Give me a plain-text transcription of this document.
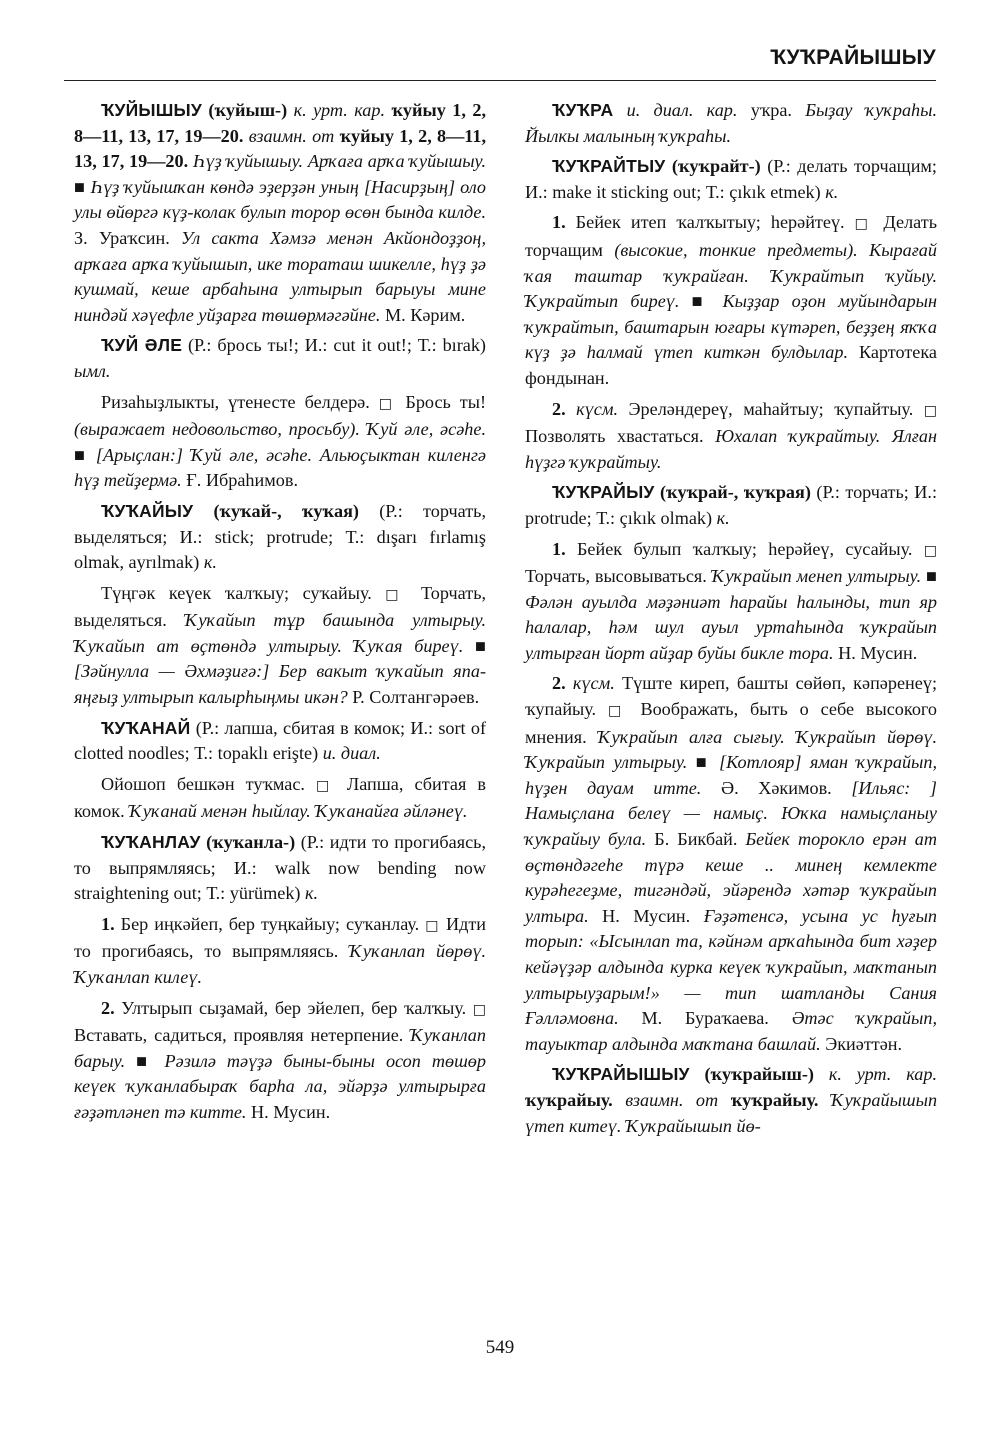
ҠУҠРАЙЫШЫУ

ҠУЙЫШЫУ (ҡуйыш-) к. урт. кар. ҡуйыу 1, 2, 8—11, 13, 17, 19—20. взаимн. от ҡуйыу 1, 2, 8—11, 13, 17, 19—20. Һүҙ ҡуйышыу. Арҡаға арҡа ҡуйышыу. ■ Һүҙ ҡуйышҡан көндә эҙерҙән уның [Насирҙың] оло улы өйөргә күҙ-колак булып торор өсөн бында килде. З. Ураҡсин. Ул сакта Хәмзә менән Акйондоҙҙоң, арҡаға арҡа ҡуйышып, ике тораташ шикелле, һүҙ ҙә кушмай, кеше арбаһына ултырып барыуы мине ниндәй хәүефле уйҙарға төшөрмәгәйне. М. Кәрим.

ҠУЙ ӘЛЕ (Р.: брось ты!; И.: cut it out!; Т.: bırak) ымл.

Ризаһыҙлыкты, үтенесте белдерә. □ Брось ты! (выражает недовольство, просьбу). Ҡуй әле, әсәһе. ■ [Арыҫлан:] Ҡуй әле, әсәһе. Альюҫыктан киленгә һүҙ тейҙермә. Ғ. Ибраһимов.

ҠУҠАЙЫУ (ҡуҡай-, ҡуҡая) (Р.: торчать, выделяться; И.: stick; protrude; Т.: dışarı fırlamış olmak, ayrılmak) к.

Түңгәк кеүек ҡалҡыу; суҡайыу. □ Торчать, выделяться. Ҡуҡайып тұр башында ултырыу. Ҡуҡайып ат өҫтөндә ултырыу. Ҡуҡая биреү. ■ [Зәйнулла — Әхмәҙиғә:] Бер вакыт ҡуҡайып япа-яңғыҙ ултырып калырһыңмы икән? Р. Солтангәрәев.

ҠУҠАНАЙ (Р.: лапша, сбитая в комок; И.: sort of clotted noodles; Т.: topaklı erişte) и. диал.

Ойошоп бешкән туҡмас. □ Лапша, сбитая в комок. Ҡуҡанай менән һыйлау. Ҡуҡанайға әйләнеү.

ҠУҠАНЛАУ (ҡуҡанла-) (Р.: идти то прогибаясь, то выпрямляясь; И.: walk now bending now straightening out; Т.: yürümek) к.

1. Бер иңкәйеп, бер туңкайыу; суҡанлау. □ Идти то прогибаясь, то выпрямляясь. Ҡуҡанлап йөрөү. Ҡуҡанлап килеү.

2. Ултырып сыҙамай, бер эйелеп, бер ҡалҡыу. □ Вставать, садиться, проявляя нетерпение. Ҡуҡанлап барыу. ■ Рәзилә тәүҙә быны-быны осоп төшөр кеүек ҡуҡанлабыраҡ барһа ла, эйәрҙә ултырырға ғәҙәтләнеп тә китте. Н. Мусин.

ҠУҠРА и. диал. кар. уҡра. Быҙау ҡуҡраһы. Йылкы малының ҡуҡраһы.

ҠУҠРАЙТЫУ (ҡуҡрайт-) (Р.: делать торчащим; И.: make it sticking out; Т.: çıkık etmek) к.

1. Бейек итеп ҡалҡытыу; һерәйтеү. □ Делать торчащим (высокие, тонкие предметы). Кырағай ҡая таштар ҡуҡрайған. Ҡуҡрайтып ҡуйыу. Ҡуҡрайтып биреү. ■ Кыҙҙар оҙон муйындарын ҡуҡрайтып, баштарын юғары күтәреп, беҙҙең яҡҡа күҙ ҙә һалмай үтеп киткән булдылар. Картотека фондынан.

2. күсм. Эреләндереү, маһайтыу; ҡупайтыу. □ Позволять хвастаться. Юхалап ҡуҡрайтыу. Ялған һүҙгә ҡуҡрайтыу.

ҠУҠРАЙЫУ (ҡуҡрай-, ҡуҡрая) (Р.: торчать; И.: protrude; Т.: çıkık olmak) к.

1. Бейек булып ҡалҡыу; һерәйеү, сусайыу. □ Торчать, высовываться. Ҡуҡрайып менеп ултырыу. ■ Фәлән ауылда мәҙәниәт һарайы һалынды, тип яр һалалар, һәм шул ауыл уртаһында ҡуҡрайып ултырған йорт айҙар буйы бикле тора. Н. Мусин.

2. күсм. Түште киреп, башты сөйөп, кәпәренеү; ҡупайыу. □ Воображать, быть о себе высокого мнения. Ҡуҡрайып алға сығыу. Ҡуҡрайып йөрөү. Ҡуҡрайып ултырыу. ■ [Котлояр] яман ҡуҡрайып, һүҙен дауам итте. Ә. Хәкимов. [Ильяс: ] Намыҫлана белеү — намыҫ. Юҡка намыҫланыу ҡуҡрайыу була. Б. Бикбай. Бейек торокло ерән ат өҫтөндәгеһе түрә кеше .. минең кемлекте курәһегеҙме, тигәндәй, эйәрендә хәтәр ҡуҡрайып ултыра. Н. Мусин. Ғәҙәтенсә, усына ус һуғып торып: «Ысынлап та, кәйнәм арҡаһында бит хәҙер кейәүҙәр алдында курка кеүек ҡуҡрайып, маҡтанып ултырыуҙарым!» — тип шатланды Сания Ғәлләмовна. М. Бураҡаева. Әтәс ҡуҡрайып, тауыктар алдында маҡтана башлай. Экиәттән.

ҠУҠРАЙЫШЫУ (ҡуҡрайыш-) к. урт. кар. ҡуҡрайыу. взаимн. от ҡуҡрайыу. Ҡуҡрайышып үтеп китеү. Ҡуҡрайышып йө-

549
